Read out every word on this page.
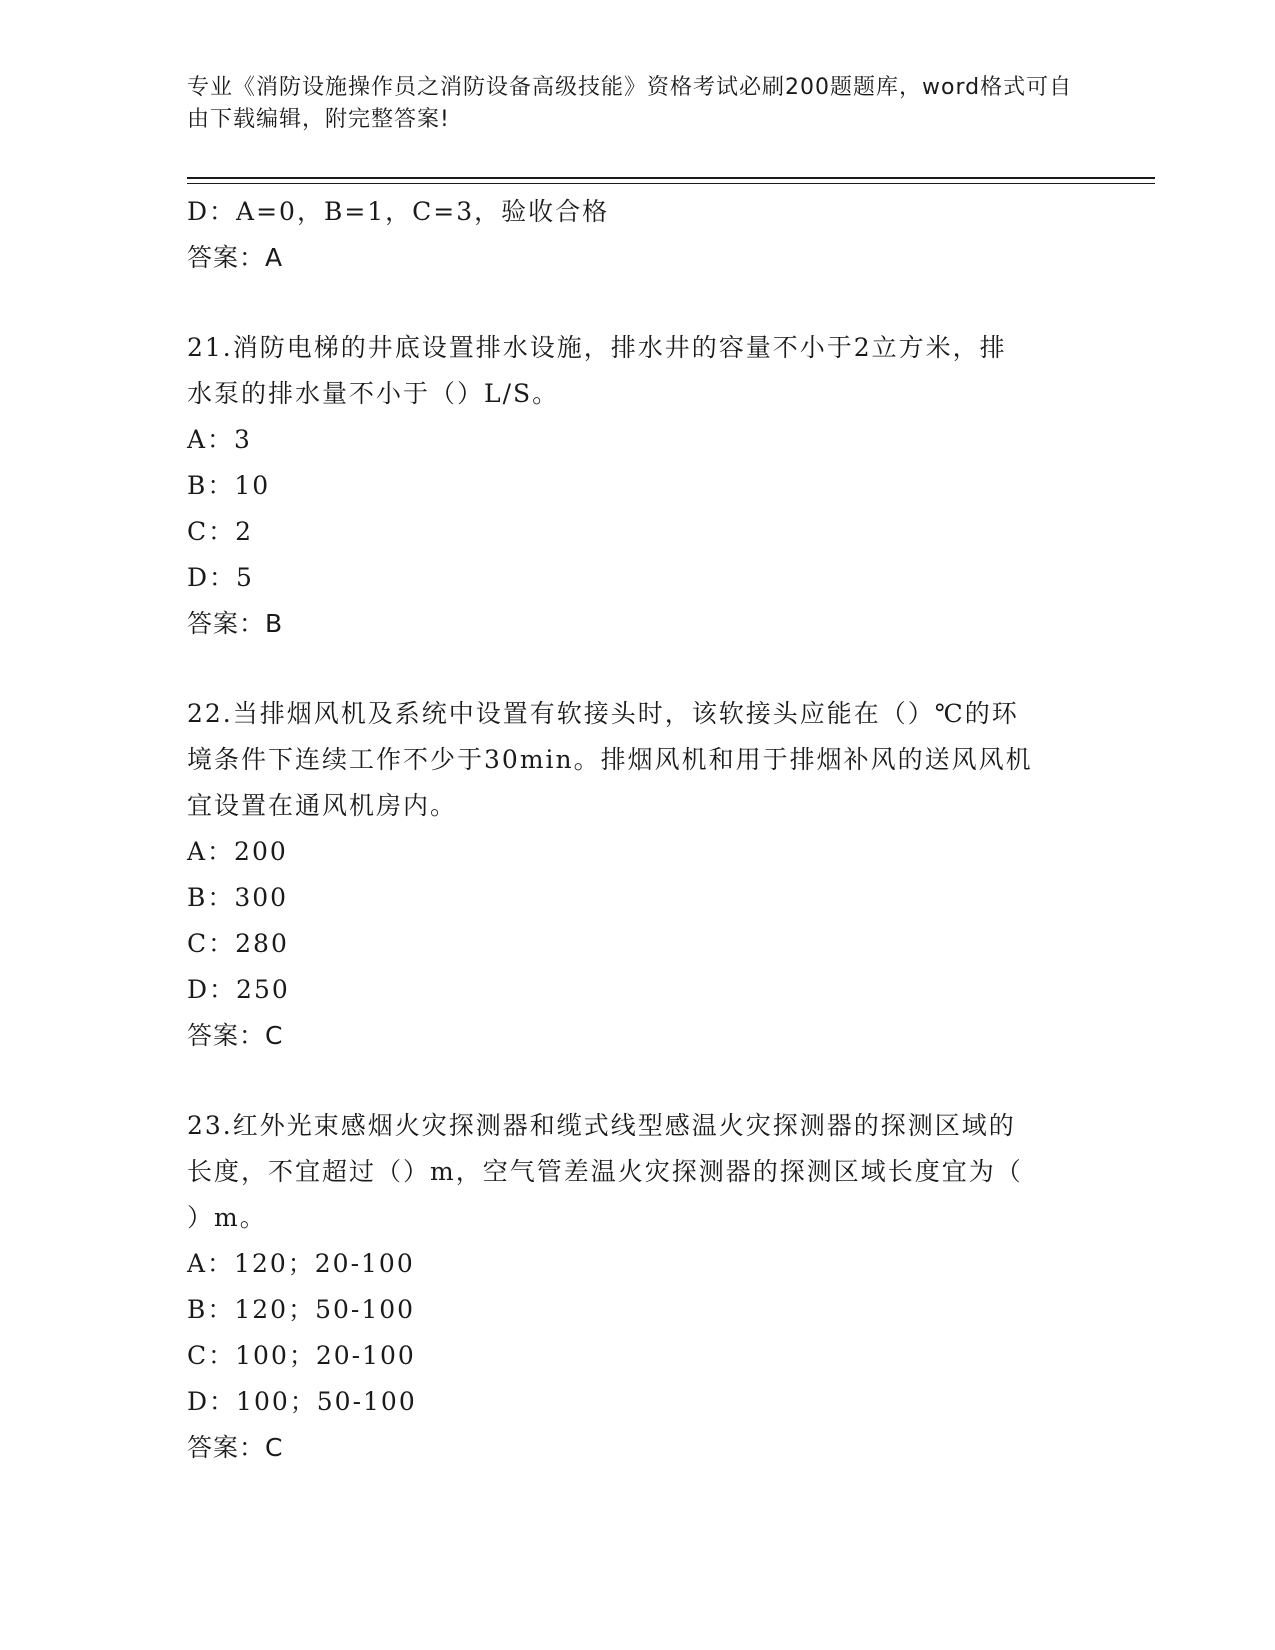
专业《消防设施操作员之消防设备高级技能》资格考试必刷200题题库，word格式可自由下载编辑，附完整答案!

D：A=0，B=1，C=3，验收合格
答案：A
21.消防电梯的井底设置排水设施，排水井的容量不小于2立方米，排
水泵的排水量不小于（）L/S。
A：3
B：10
C：2
D：5
答案：B
22.当排烟风机及系统中设置有软接头时，该软接头应能在（）℃的环
境条件下连续工作不少于30min。排烟风机和用于排烟补风的送风风机
宜设置在通风机房内。
A：200
B：300
C：280
D：250
答案：C
23.红外光束感烟火灾探测器和缆式线型感温火灾探测器的探测区域的
长度，不宜超过（）m，空气管差温火灾探测器的探测区域长度宜为（
）m。
A：120；20-100
B：120；50-100
C：100；20-100
D：100；50-100
答案：C
